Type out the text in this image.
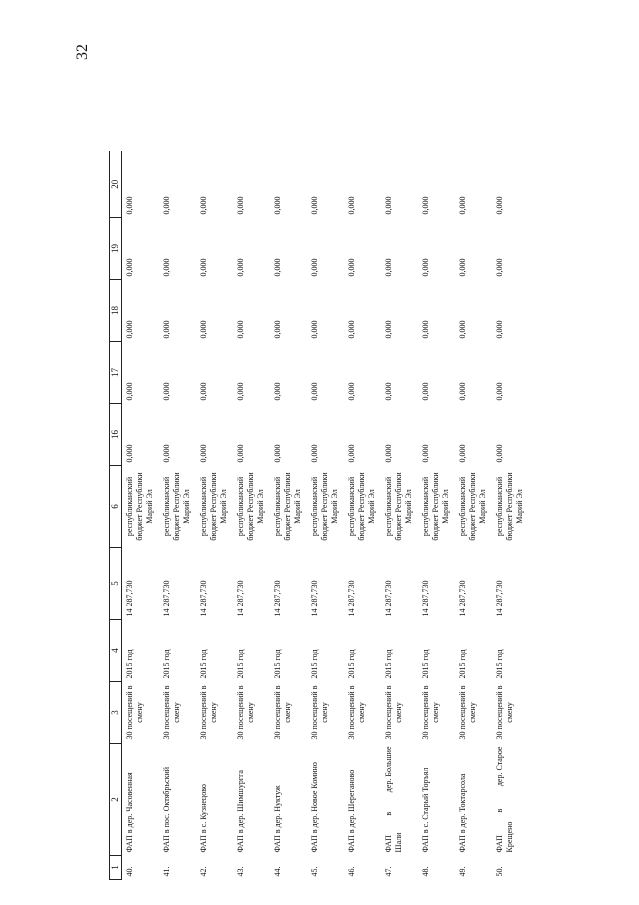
32
1	2	3	4	5	6	16	17	18	19	20
40.	ФАП в дер. Часовенная	30 посещений в смену	2015 год	14 287,730	республиканский бюджет Республики Марий Эл	0,000	0,000	0,000	0,000	0,000
41.	ФАП в пос. Октябрьский	30 посещений в смену	2015 год	14 287,730	республиканский бюджет Республики Марий Эл	0,000	0,000	0,000	0,000	0,000
42.	ФАП в с. Кузнецово	30 посещений в смену	2015 год	14 287,730	республиканский бюджет Республики Марий Эл	0,000	0,000	0,000	0,000	0,000
43.	ФАП в дер. Шимшургга	30 посещений в смену	2015 год	14 287,730	республиканский бюджет Республики Марий Эл	0,000	0,000	0,000	0,000	0,000
44.	ФАП в дер. Нуктуж	30 посещений в смену	2015 год	14 287,730	республиканский бюджет Республики Марий Эл	0,000	0,000	0,000	0,000	0,000
45.	ФАП в дер. Новое Комино	30 посещений в смену	2015 год	14 287,730	республиканский бюджет Республики Марий Эл	0,000	0,000	0,000	0,000	0,000
46.	ФАП в дер. Шереганово	30 посещений в смену	2015 год	14 287,730	республиканский бюджет Республики Марий Эл	0,000	0,000	0,000	0,000	0,000
47.	ФАП
в
дер. Большие
Шали	30 посещений в смену	2015 год	14 287,730	республиканский бюджет Республики Марий Эл	0,000	0,000	0,000	0,000	0,000
48.	ФАП в с. Старый Торъял	30 посещений в смену	2015 год	14 287,730	республиканский бюджет Республики Марий Эл	0,000	0,000	0,000	0,000	0,000
49.	ФАП в дер. Токтарсола	30 посещений в смену	2015 год	14 287,730	республиканский бюджет Республики Марий Эл	0,000	0,000	0,000	0,000	0,000
50.	ФАП
в
дер. Старое
Крещено	30 посещений в смену	2015 год	14 287,730	республиканский бюджет Республики Марий Эл	0,000	0,000	0,000	0,000	0,000
